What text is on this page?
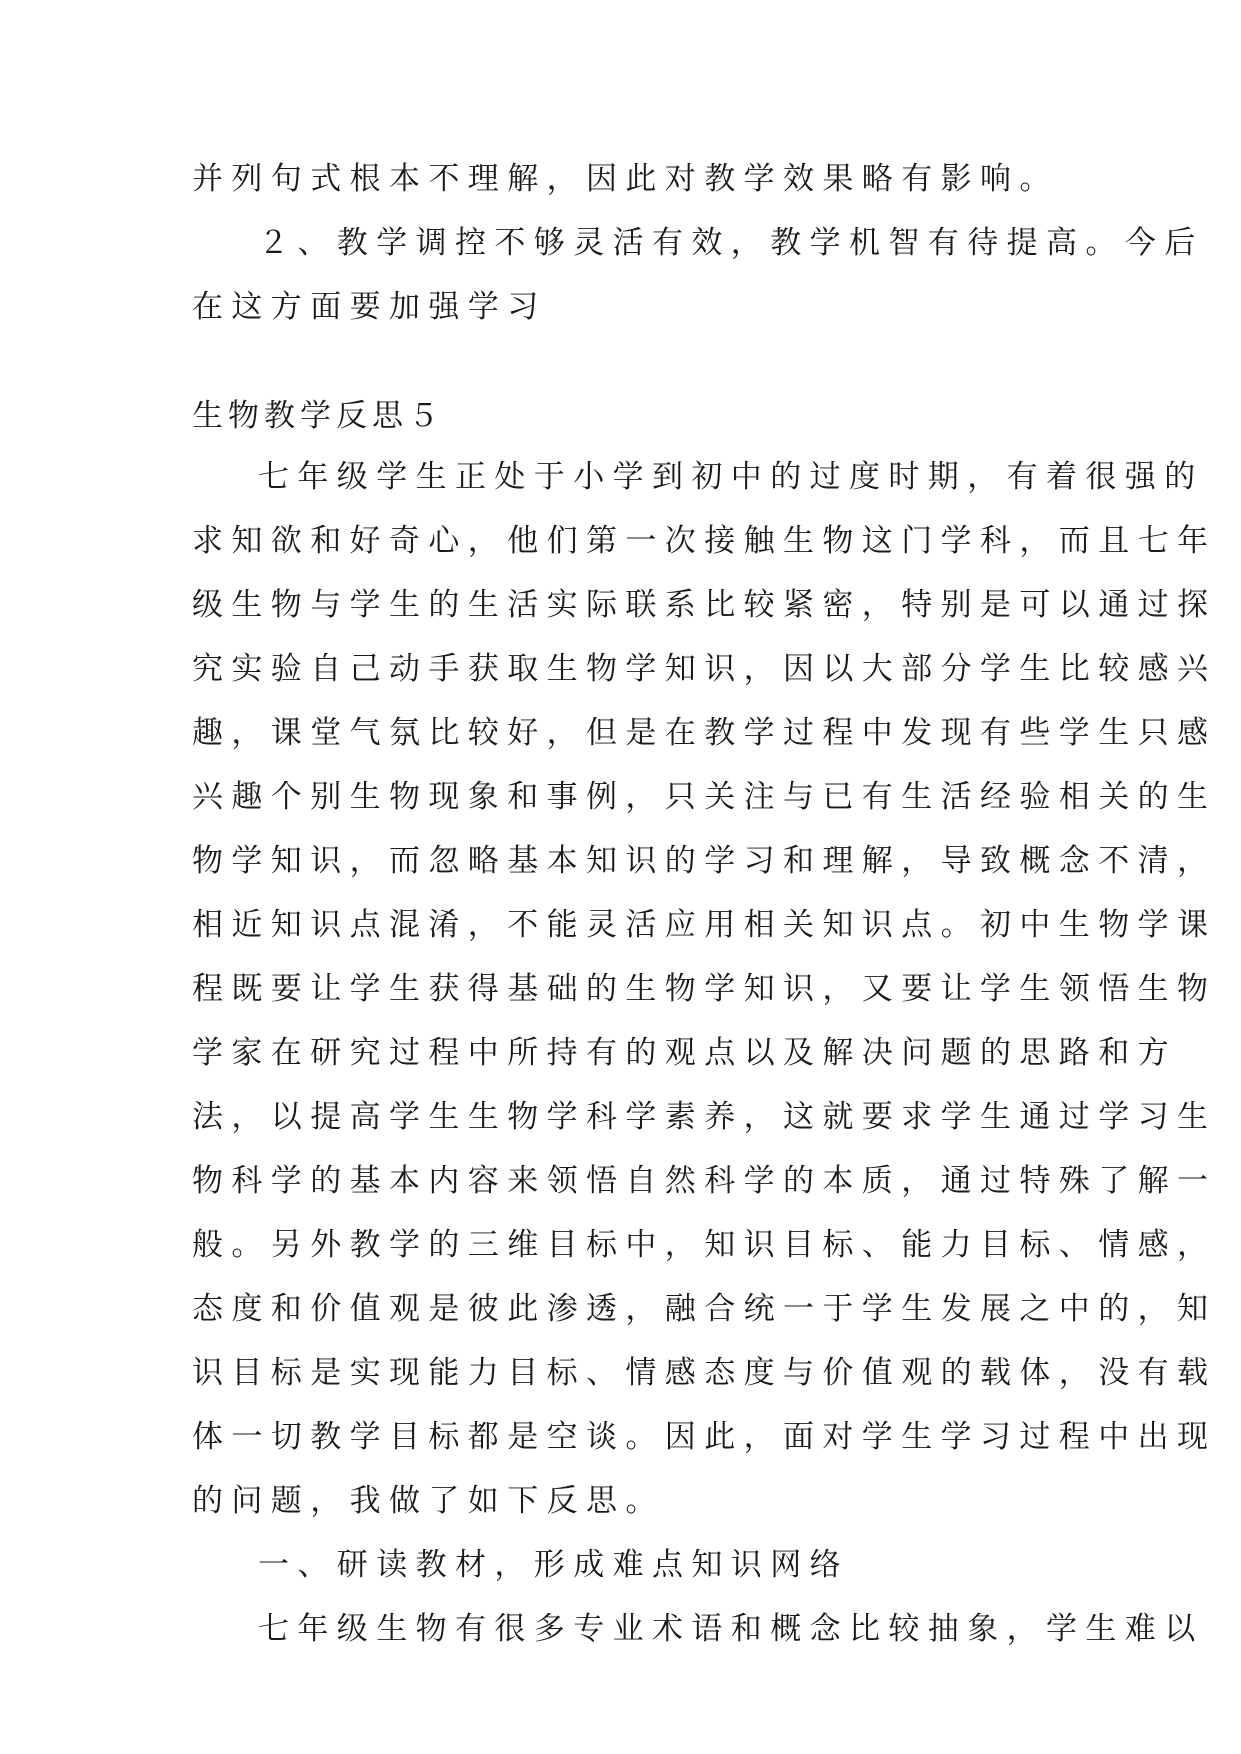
并列句式根本不理解，因此对教学效果略有影响。
２、教学调控不够灵活有效，教学机智有待提高。今后
在这方面要加强学习
生物教学反思５
七年级学生正处于小学到初中的过度时期，有着很强的
求知欲和好奇心，他们第一次接触生物这门学科，而且七年
级生物与学生的生活实际联系比较紧密，特别是可以通过探
究实验自己动手获取生物学知识，因以大部分学生比较感兴
趣，课堂气氛比较好，但是在教学过程中发现有些学生只感
兴趣个别生物现象和事例，只关注与已有生活经验相关的生
物学知识，而忽略基本知识的学习和理解，导致概念不清，
相近知识点混淆，不能灵活应用相关知识点。初中生物学课
程既要让学生获得基础的生物学知识，又要让学生领悟生物
学家在研究过程中所持有的观点以及解决问题的思路和方
法，以提高学生生物学科学素养，这就要求学生通过学习生
物科学的基本内容来领悟自然科学的本质，通过特殊了解一
般。另外教学的三维目标中，知识目标、能力目标、情感，
态度和价值观是彼此渗透，融合统一于学生发展之中的，知
识目标是实现能力目标、情感态度与价值观的载体，没有载
体一切教学目标都是空谈。因此，面对学生学习过程中出现
的问题，我做了如下反思。
一、研读教材，形成难点知识网络
七年级生物有很多专业术语和概念比较抽象，学生难以
